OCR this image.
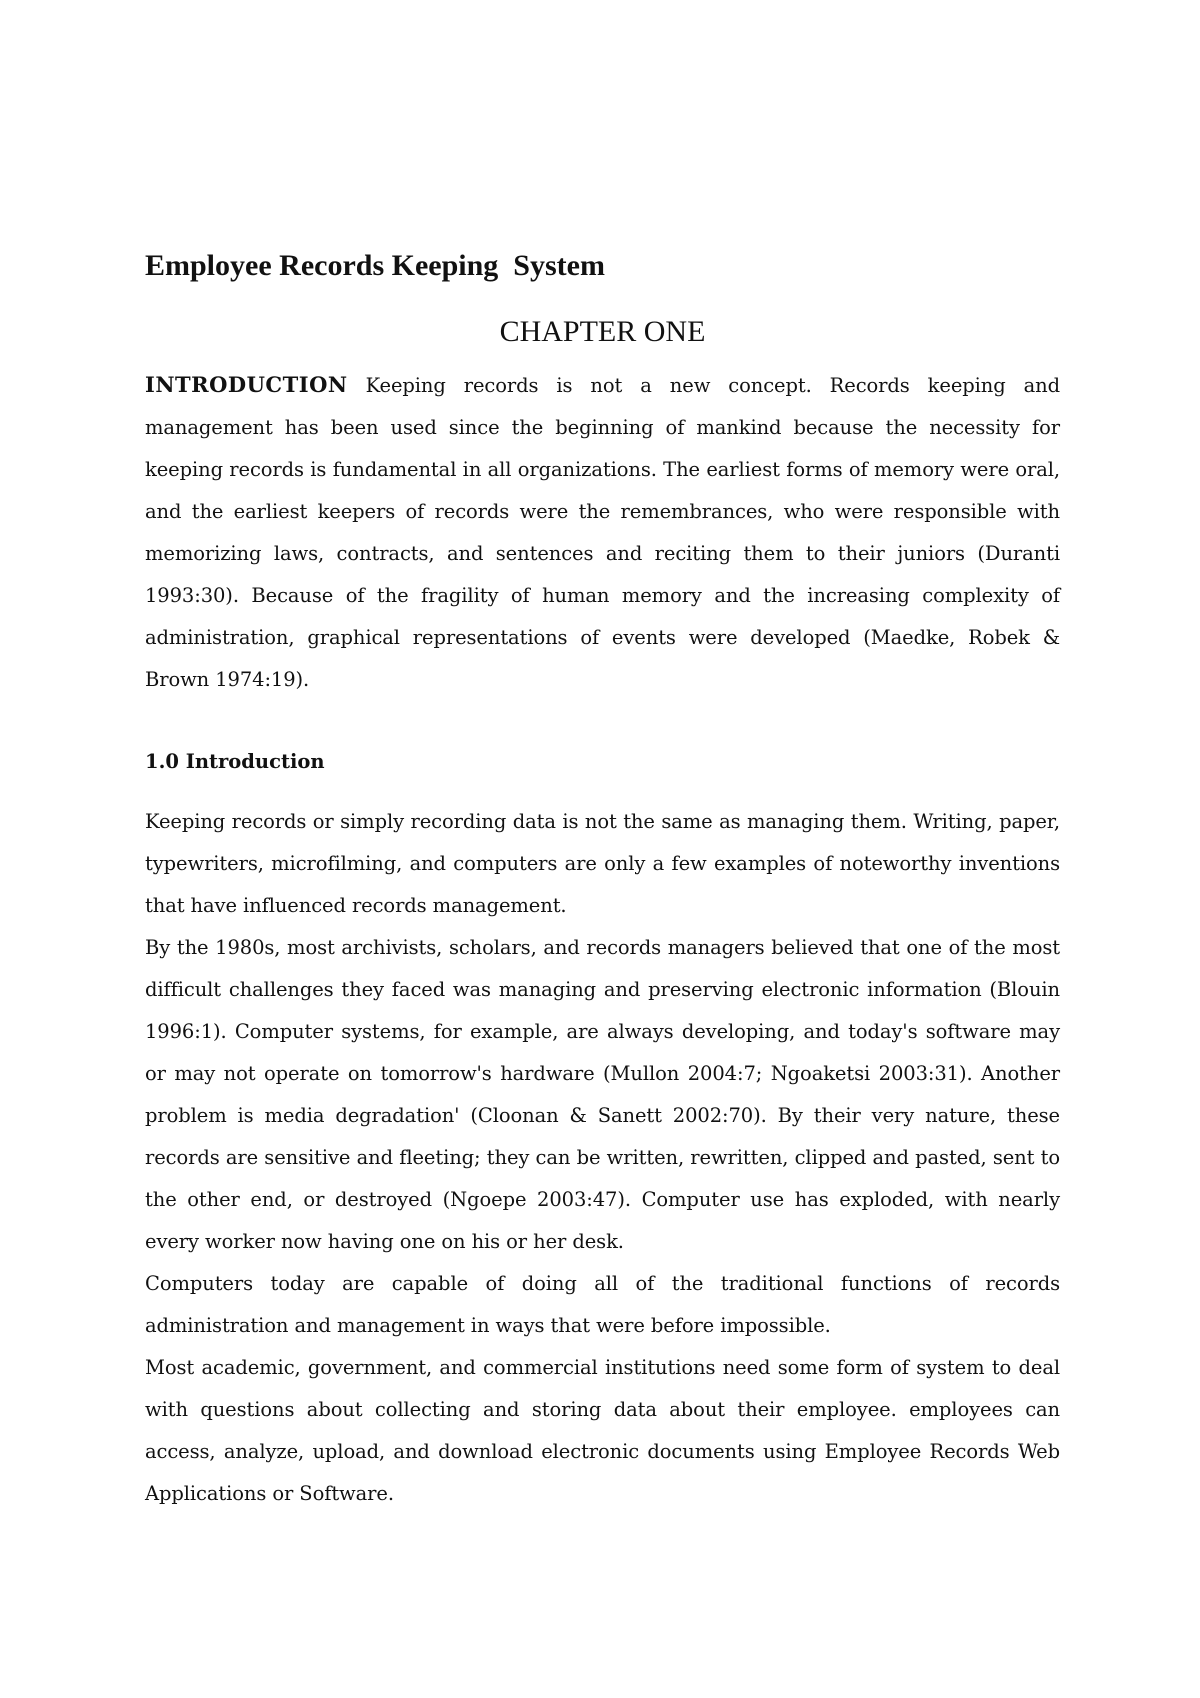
Employee Records Keeping  System
CHAPTER ONE

INTRODUCTION Keeping records is not a new concept. Records keeping and management has been used since the beginning of mankind because the necessity for keeping records is fundamental in all organizations. The earliest forms of memory were oral, and the earliest keepers of records were the remembrances, who were responsible with memorizing laws, contracts, and sentences and reciting them to their juniors (Duranti 1993:30). Because of the fragility of human memory and the increasing complexity of administration, graphical representations of events were developed (Maedke, Robek & Brown 1974:19).

1.0 Introduction

Keeping records or simply recording data is not the same as managing them. Writing, paper, typewriters, microfilming, and computers are only a few examples of noteworthy inventions that have influenced records management.

By the 1980s, most archivists, scholars, and records managers believed that one of the most difficult challenges they faced was managing and preserving electronic information (Blouin 1996:1). Computer systems, for example, are always developing, and today's software may or may not operate on tomorrow's hardware (Mullon 2004:7; Ngoaketsi 2003:31). Another problem is media degradation' (Cloonan & Sanett 2002:70). By their very nature, these records are sensitive and fleeting; they can be written, rewritten, clipped and pasted, sent to the other end, or destroyed (Ngoepe 2003:47). Computer use has exploded, with nearly every worker now having one on his or her desk.

Computers today are capable of doing all of the traditional functions of records administration and management in ways that were before impossible.

Most academic, government, and commercial institutions need some form of system to deal with questions about collecting and storing data about their employee. employees can access, analyze, upload, and download electronic documents using Employee Records Web Applications or Software.
